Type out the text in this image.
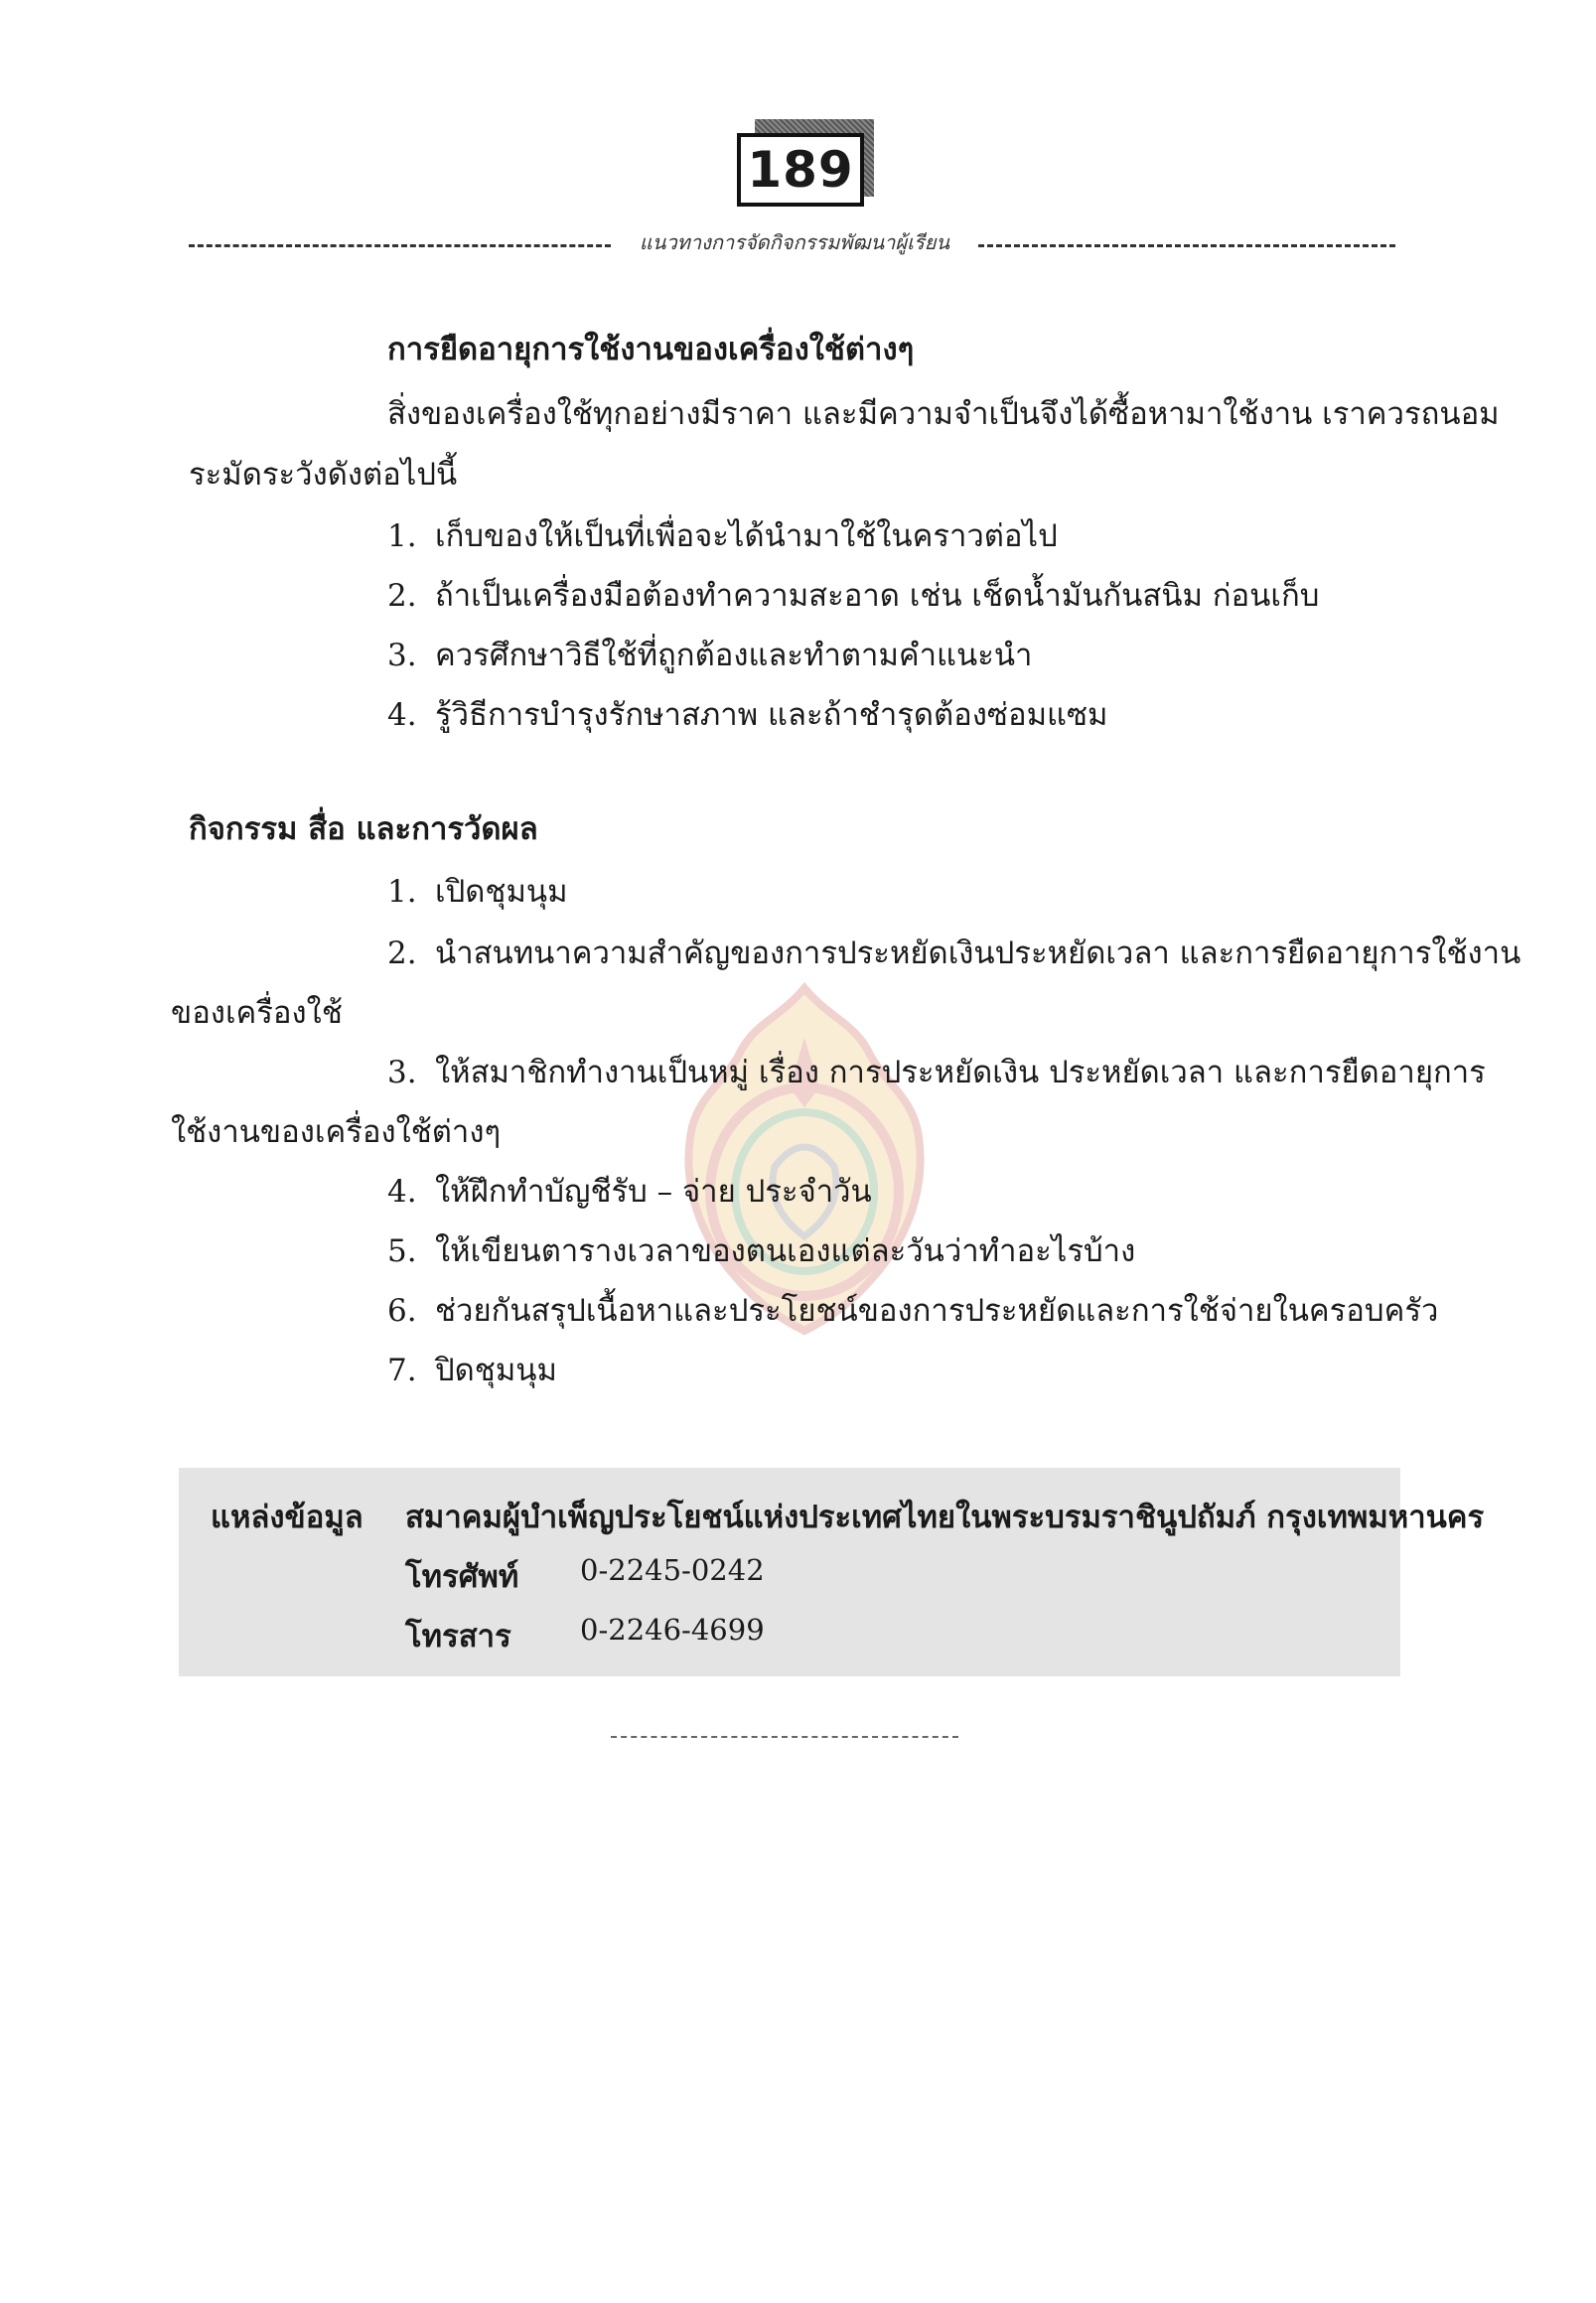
189
แนวทางการจัดกิจกรรมพัฒนาผู้เรียน
การยืดอายุการใช้งานของเครื่องใช้ต่างๆ
สิ่งของเครื่องใช้ทุกอย่างมีราคา และมีความจำเป็นจึงได้ซื้อหามาใช้งาน เราควรถนอม
ระมัดระวังดังต่อไปนี้
1. เก็บของให้เป็นที่เพื่อจะได้นำมาใช้ในคราวต่อไป
2. ถ้าเป็นเครื่องมือต้องทำความสะอาด เช่น เช็ดน้ำมันกันสนิม ก่อนเก็บ
3. ควรศึกษาวิธีใช้ที่ถูกต้องและทำตามคำแนะนำ
4. รู้วิธีการบำรุงรักษาสภาพ และถ้าชำรุดต้องซ่อมแซม
กิจกรรม สื่อ และการวัดผล
1. เปิดชุมนุม
2. นำสนทนาความสำคัญของการประหยัดเงินประหยัดเวลา และการยืดอายุการใช้งาน
ของเครื่องใช้
3. ให้สมาชิกทำงานเป็นหมู่ เรื่อง การประหยัดเงิน ประหยัดเวลา และการยืดอายุการ
ใช้งานของเครื่องใช้ต่างๆ
4. ให้ฝึกทำบัญชีรับ – จ่าย ประจำวัน
5. ให้เขียนตารางเวลาของตนเองแต่ละวันว่าทำอะไรบ้าง
6. ช่วยกันสรุปเนื้อหาและประโยชน์ของการประหยัดและการใช้จ่ายในครอบครัว
7. ปิดชุมนุม
แหล่งข้อมูล สมาคมผู้บำเพ็ญประโยชน์แห่งประเทศไทยในพระบรมราชินูปถัมภ์ กรุงเทพมหานคร
โทรศัพท์ 0-2245-0242
โทรสาร 0-2246-4699
